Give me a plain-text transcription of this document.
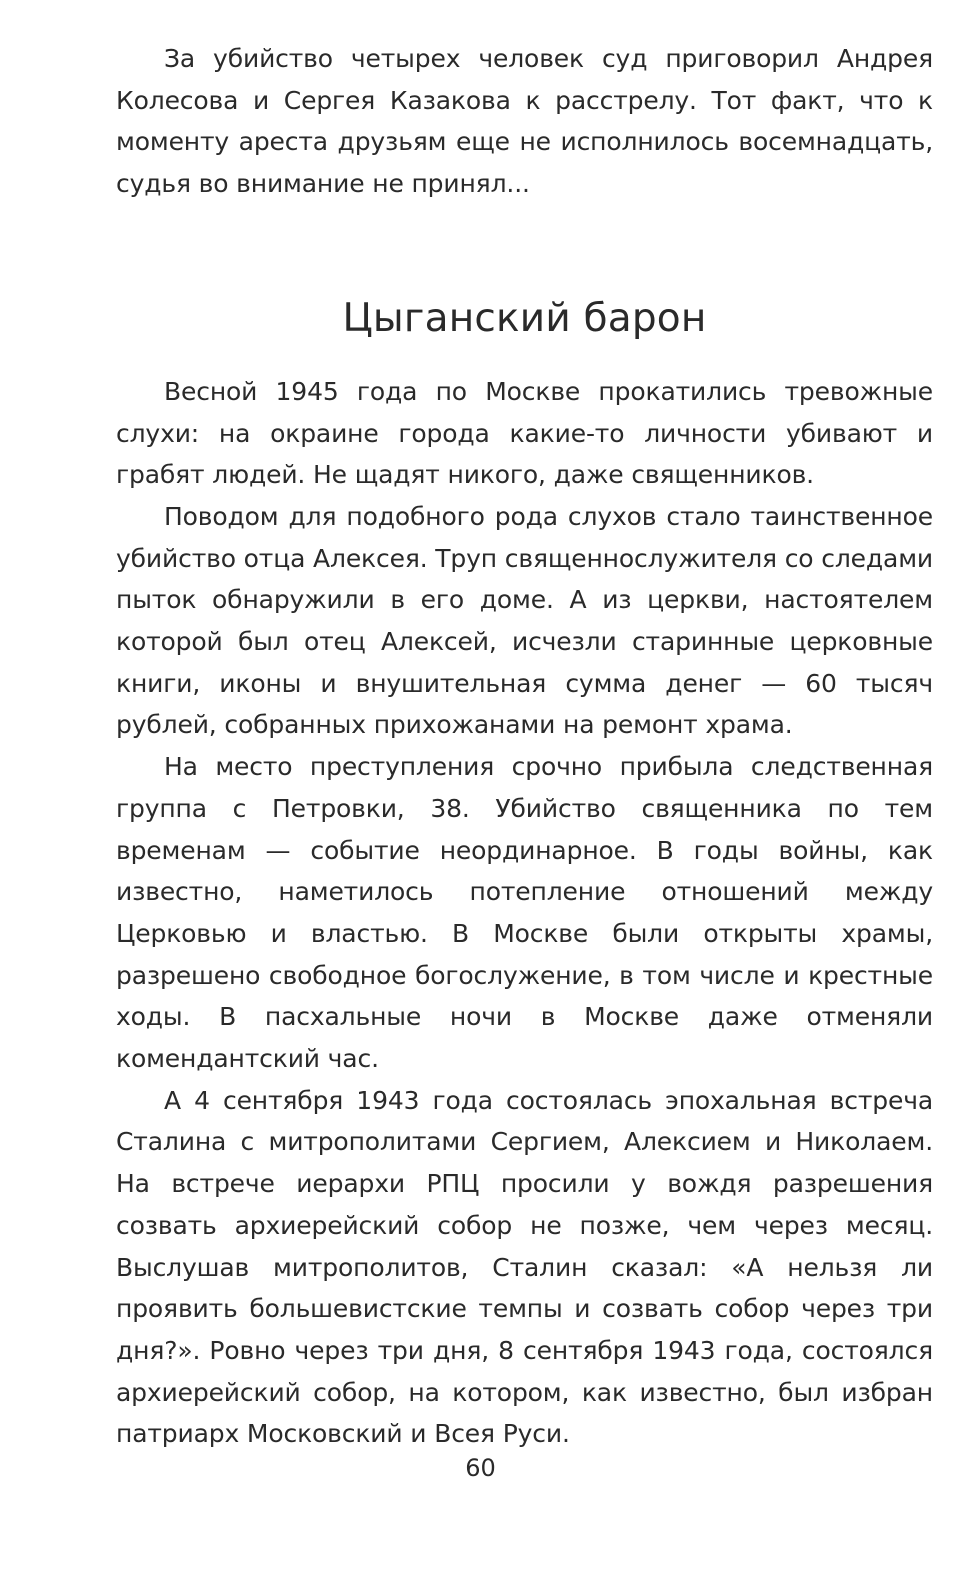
За убийство четырех человек суд приговорил Андрея Колесова и Сергея Казакова к расстрелу. Тот факт, что к моменту ареста друзьям еще не исполнилось восемнадцать, судья во внимание не принял...

Цыганский барон

Весной 1945 года по Москве прокатились тревожные слухи: на окраине города какие-то личности убивают и грабят людей. Не щадят никого, даже священников.

Поводом для подобного рода слухов стало таинственное убийство отца Алексея. Труп священнослужителя со следами пыток обнаружили в его доме. А из церкви, настоятелем которой был отец Алексей, исчезли старинные церковные книги, иконы и внушительная сумма денег — 60 тысяч рублей, собранных прихожанами на ремонт храма.

На место преступления срочно прибыла следственная группа с Петровки, 38. Убийство священника по тем временам — событие неординарное. В годы войны, как известно, наметилось потепление отношений между Церковью и властью. В Москве были открыты храмы, разрешено свободное богослужение, в том числе и крестные ходы. В пасхальные ночи в Москве даже отменяли комендантский час.

А 4 сентября 1943 года состоялась эпохальная встреча Сталина с митрополитами Сергием, Алексием и Николаем. На встрече иерархи РПЦ просили у вождя разрешения созвать архиерейский собор не позже, чем через месяц. Выслушав митрополитов, Сталин сказал: «А нельзя ли проявить большевистские темпы и созвать собор через три дня?». Ровно через три дня, 8 сентября 1943 года, состоялся архиерейский собор, на котором, как известно, был избран патриарх Московский и Всея Руси.

60
